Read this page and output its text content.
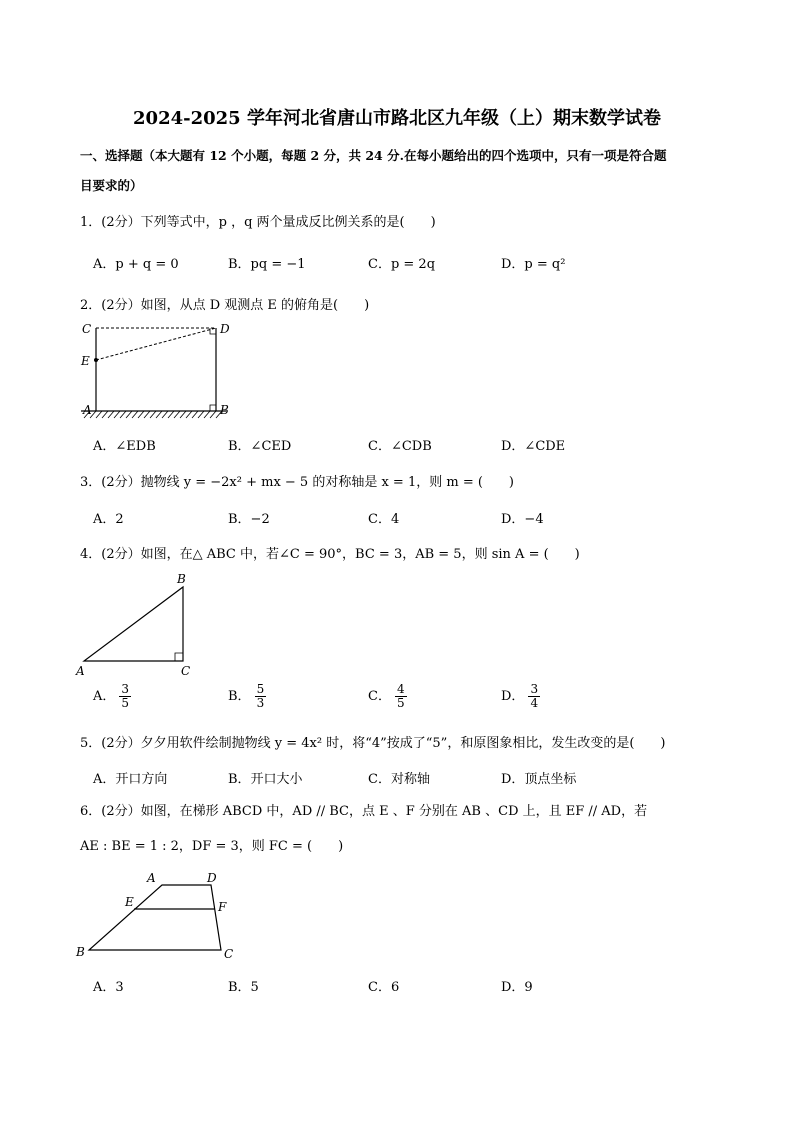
2024-2025 学年河北省唐山市路北区九年级（上）期末数学试卷
一、选择题（本大题有 12 个小题，每题 2 分，共 24 分.在每小题给出的四个选项中，只有一项是符合题
目要求的）
1．(2分）下列等式中，p ，q 两个量成反比例关系的是(　　)
A．p + q = 0	B．pq = −1	C．p = 2q	D．p = q²
2．(2分）如图，从点 D 观测点 E 的俯角是(　　)
C	D
E
A	B
A．∠EDB	B．∠CED	C．∠CDB	D．∠CDE
3．(2分）抛物线 y = −2x² + mx − 5 的对称轴是 x = 1，则 m = (　　)
A．2	B．−2	C．4	D．−4
4．(2分）如图，在△ ABC 中，若∠C = 90°，BC = 3，AB = 5，则 sin A = (　　)
B
A	C
A． $\frac{3}{5}$	B． $\frac{5}{3}$	C． $\frac{4}{5}$	D． $\frac{3}{4}$
5．(2分）夕夕用软件绘制抛物线 y = 4x² 时，将“4”按成了“5”，和原图象相比，发生改变的是(　　)
A．开口方向	B．开口大小	C．对称轴	D．顶点坐标
6．(2分）如图，在梯形 ABCD 中，AD // BC，点 E 、F 分别在 AB 、CD 上，且 EF // AD，若
AE : BE = 1 : 2，DF = 3，则 FC = (　　)
A	D
E	F
B	C
A．3	B．5	C．6	D．9
